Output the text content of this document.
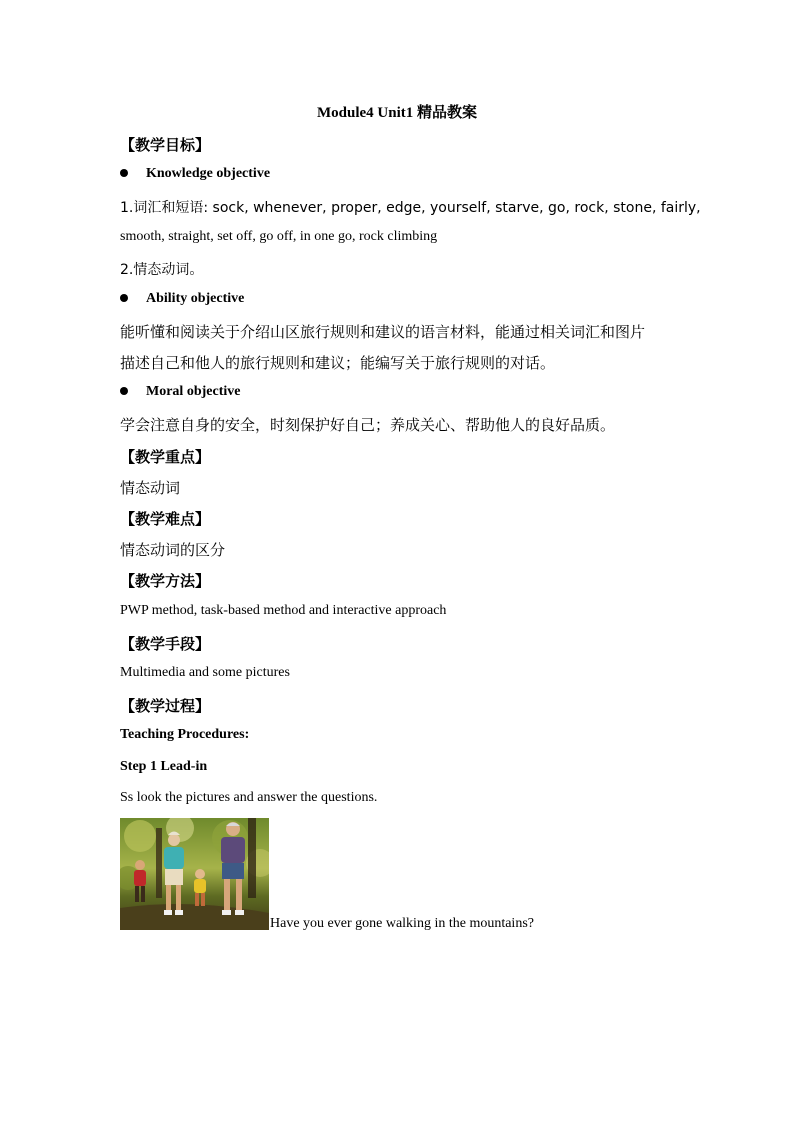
Module4 Unit1 精品教案
【教学目标】
Knowledge objective
1.词汇和短语: sock, whenever, proper, edge, yourself, starve, go, rock, stone, fairly,
smooth, straight, set off, go off, in one go, rock climbing
2.情态动词。
Ability objective
能听懂和阅读关于介绍山区旅行规则和建议的语言材料，能通过相关词汇和图片
描述自己和他人的旅行规则和建议；能编写关于旅行规则的对话。
Moral objective
学会注意自身的安全，时刻保护好自己；养成关心、帮助他人的良好品质。
【教学重点】
情态动词
【教学难点】
情态动词的区分
【教学方法】
PWP method, task-based method and interactive approach
【教学手段】
Multimedia and some pictures
【教学过程】
Teaching Procedures:
Step 1 Lead-in
Ss look the pictures and answer the questions.
Have you ever gone walking in the mountains?
